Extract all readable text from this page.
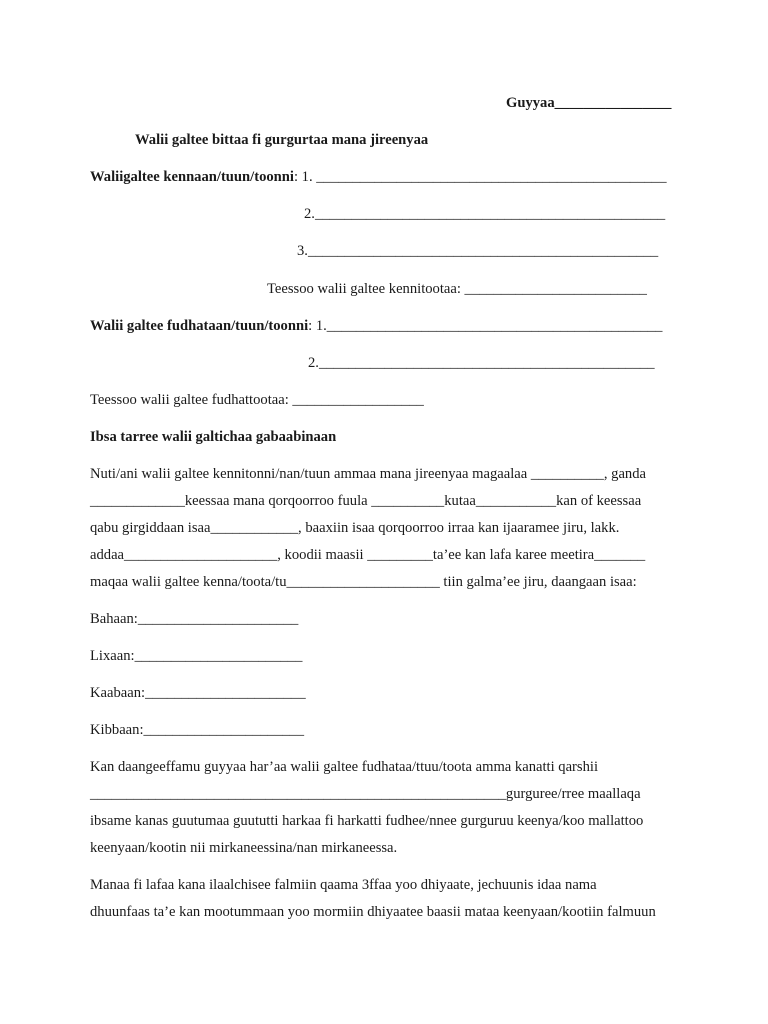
Guyyaa________________
Walii galtee bittaa fi gurgurtaa mana jireenyaa
Waliigaltee kennaan/tuun/toonni: 1. ________________________________________________
2.________________________________________________
3.________________________________________________
Teessoo walii galtee kennitootaa: _________________________
Walii galtee fudhataan/tuun/toonni: 1.______________________________________________
2.______________________________________________
Teessoo walii galtee fudhattootaa: __________________
Ibsa tarree walii galtichaa gabaabinaan
Nuti/ani walii galtee kennitonni/nan/tuun ammaa mana jireenyaa magaalaa __________, ganda
_____________keessaa mana qorqoorroo fuula __________kutaa___________kan of keessaa
qabu girgiddaan isaa____________, baaxiin isaa qorqoorroo irraa kan ijaaramee jiru, lakk.
addaa_____________________, koodii maasii _________ta’ee kan lafa karee meetira_______
maqaa walii galtee kenna/toota/tu_____________________ tiin galma’ee jiru, daangaan isaa:
Bahaan:______________________
Lixaan:_______________________
Kaabaan:______________________
Kibbaan:______________________
Kan daangeeffamu guyyaa har’aa walii galtee fudhataa/ttuu/toota amma kanatti qarshii
_________________________________________________________gurguree/rree maallaqa
ibsame kanas guutumaa guututti harkaa fi harkatti fudhee/nnee gurguruu keenya/koo mallattoo
keenyaan/kootin nii mirkaneessina/nan mirkaneessa.
Manaa fi lafaa kana ilaalchisee falmiin qaama 3ffaa yoo dhiyaate, jechuunis idaa nama
dhuunfaas ta’e kan mootummaan yoo mormiin dhiyaatee baasii mataa keenyaan/kootiin falmuun
